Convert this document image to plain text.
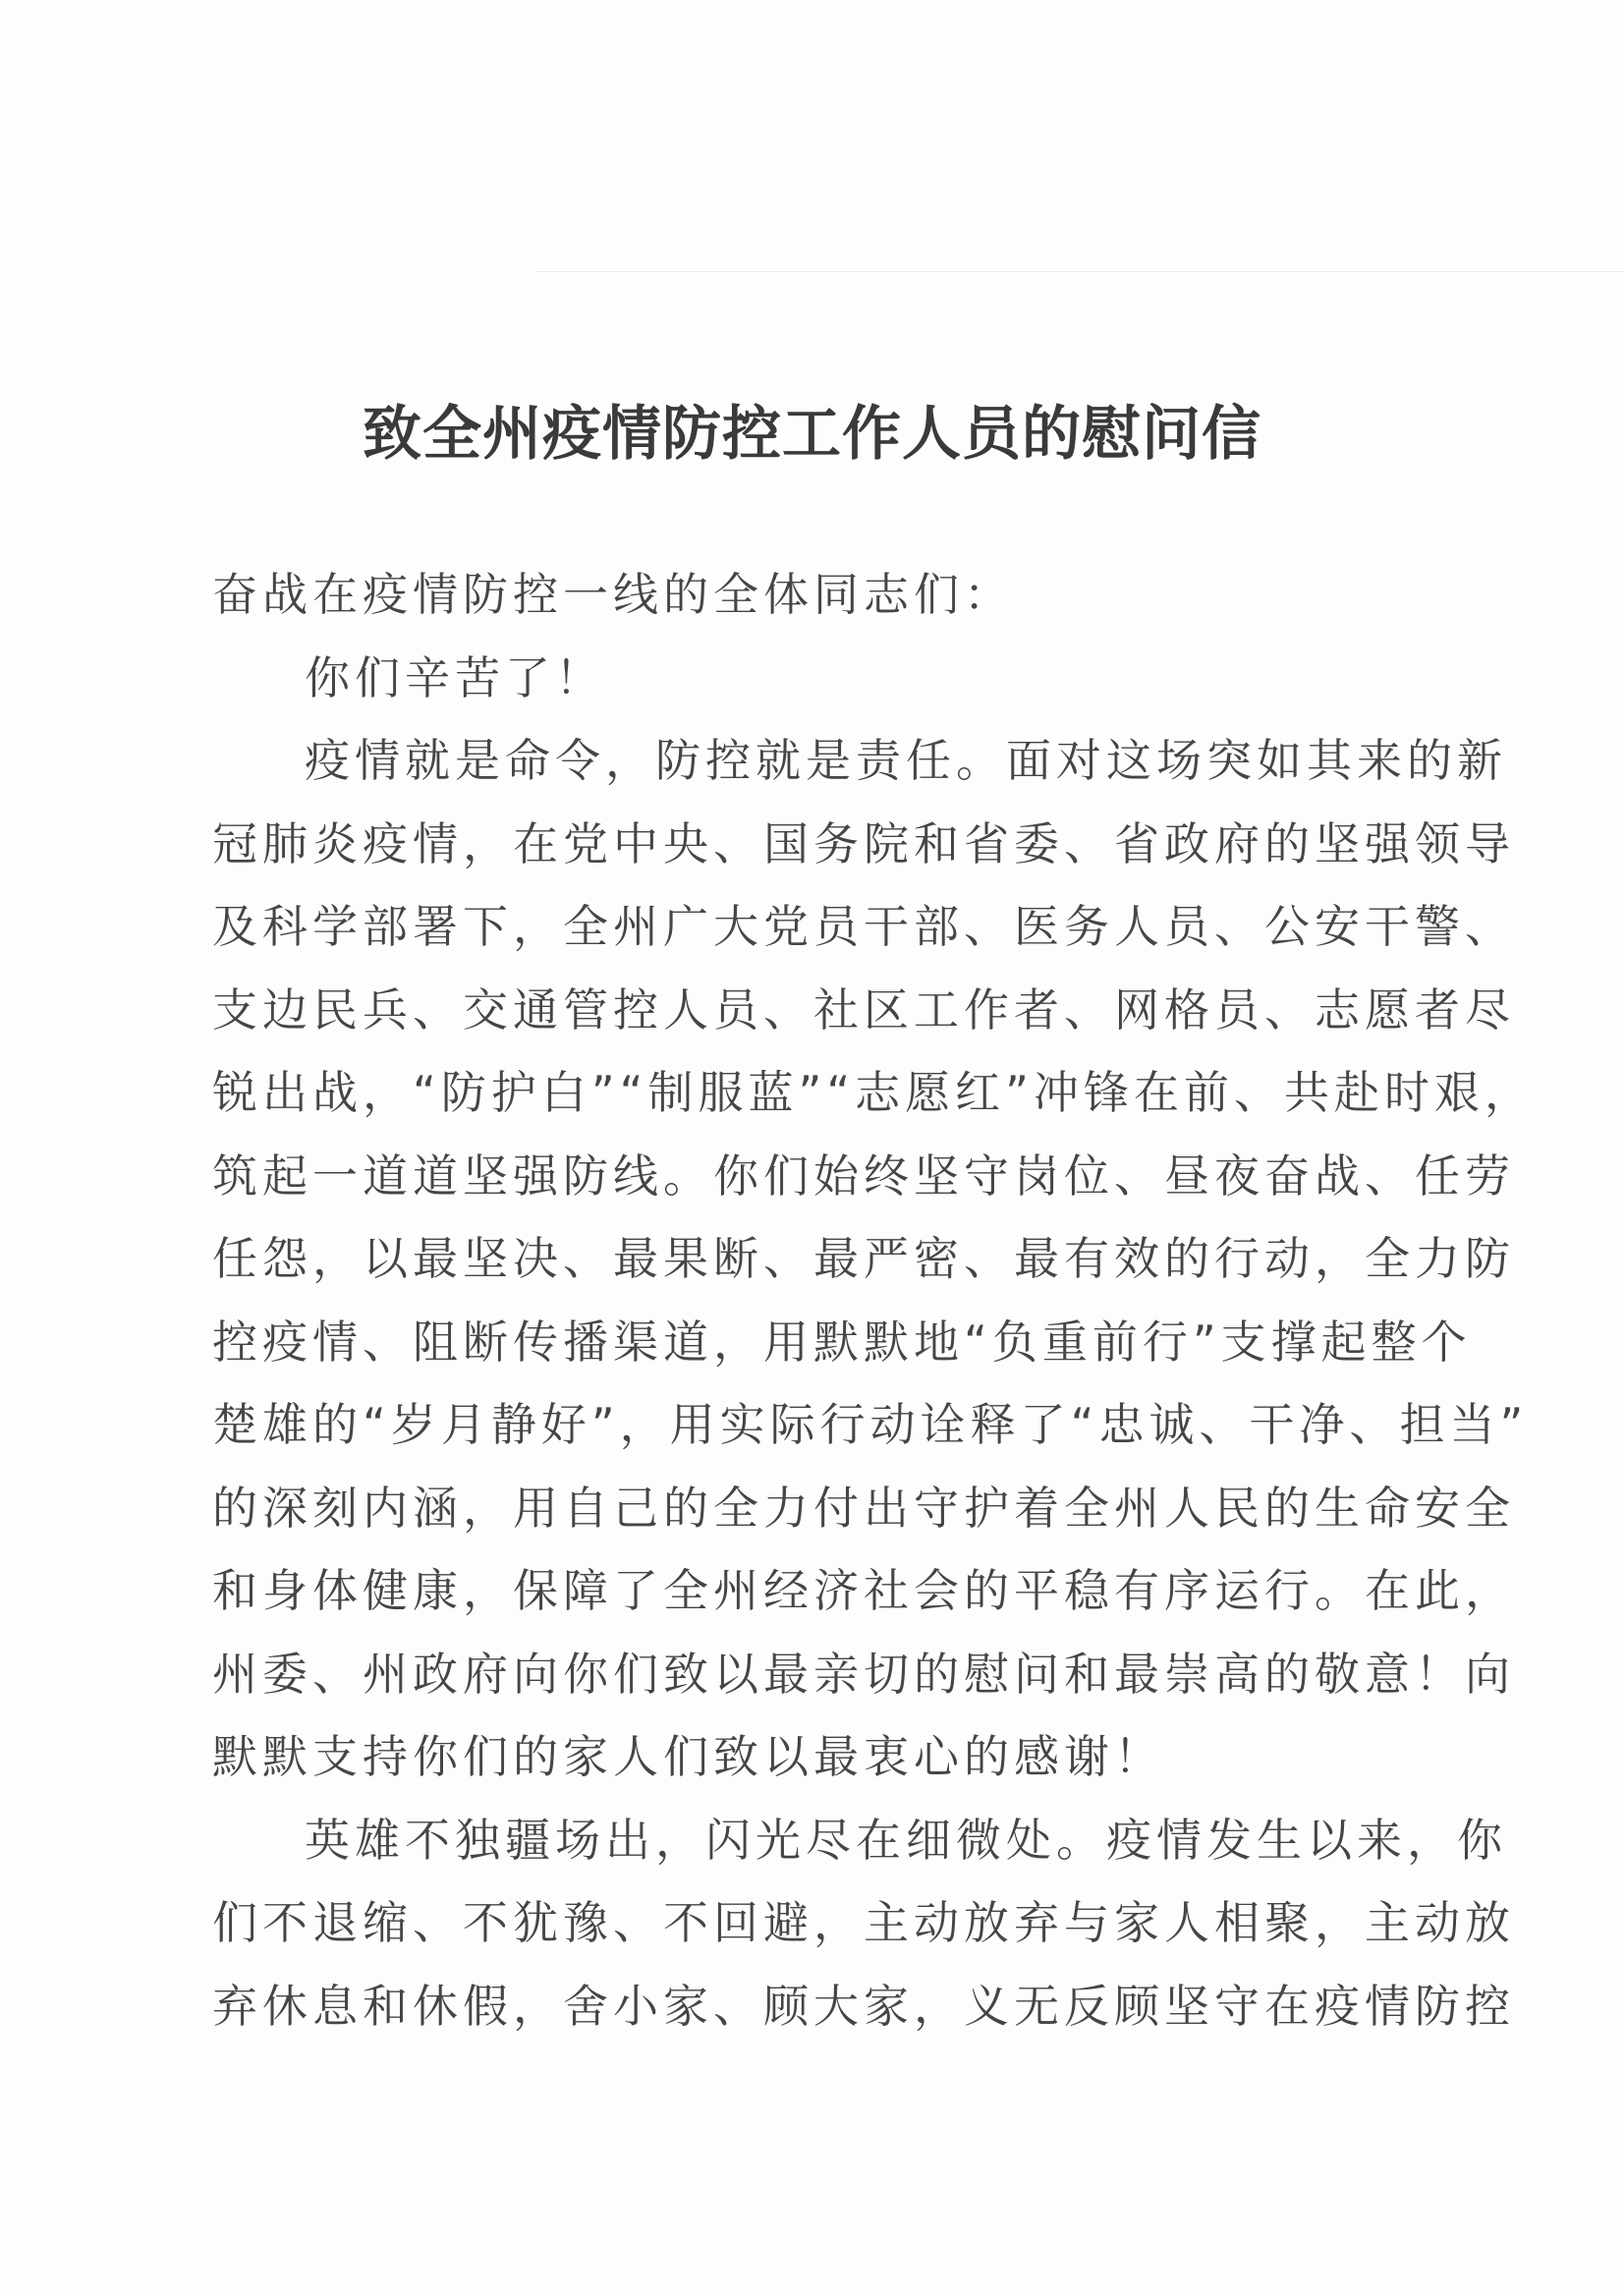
致全州疫情防控工作人员的慰问信

奋战在疫情防控一线的全体同志们：

你们辛苦了！

疫情就是命令，防控就是责任。面对这场突如其来的新
冠肺炎疫情，在党中央、国务院和省委、省政府的坚强领导
及科学部署下，全州广大党员干部、医务人员、公安干警、
支边民兵、交通管控人员、社区工作者、网格员、志愿者尽
锐出战，“防护白”“制服蓝”“志愿红”冲锋在前、共赴时艰，
筑起一道道坚强防线。你们始终坚守岗位、昼夜奋战、任劳
任怨，以最坚决、最果断、最严密、最有效的行动，全力防
控疫情、阻断传播渠道，用默默地“负重前行”支撑起整个
楚雄的“岁月静好”，用实际行动诠释了“忠诚、干净、担当”
的深刻内涵，用自己的全力付出守护着全州人民的生命安全
和身体健康，保障了全州经济社会的平稳有序运行。在此，
州委、州政府向你们致以最亲切的慰问和最崇高的敬意！向
默默支持你们的家人们致以最衷心的感谢！

英雄不独疆场出，闪光尽在细微处。疫情发生以来，你
们不退缩、不犹豫、不回避，主动放弃与家人相聚，主动放
弃休息和休假，舍小家、顾大家，义无反顾坚守在疫情防控
